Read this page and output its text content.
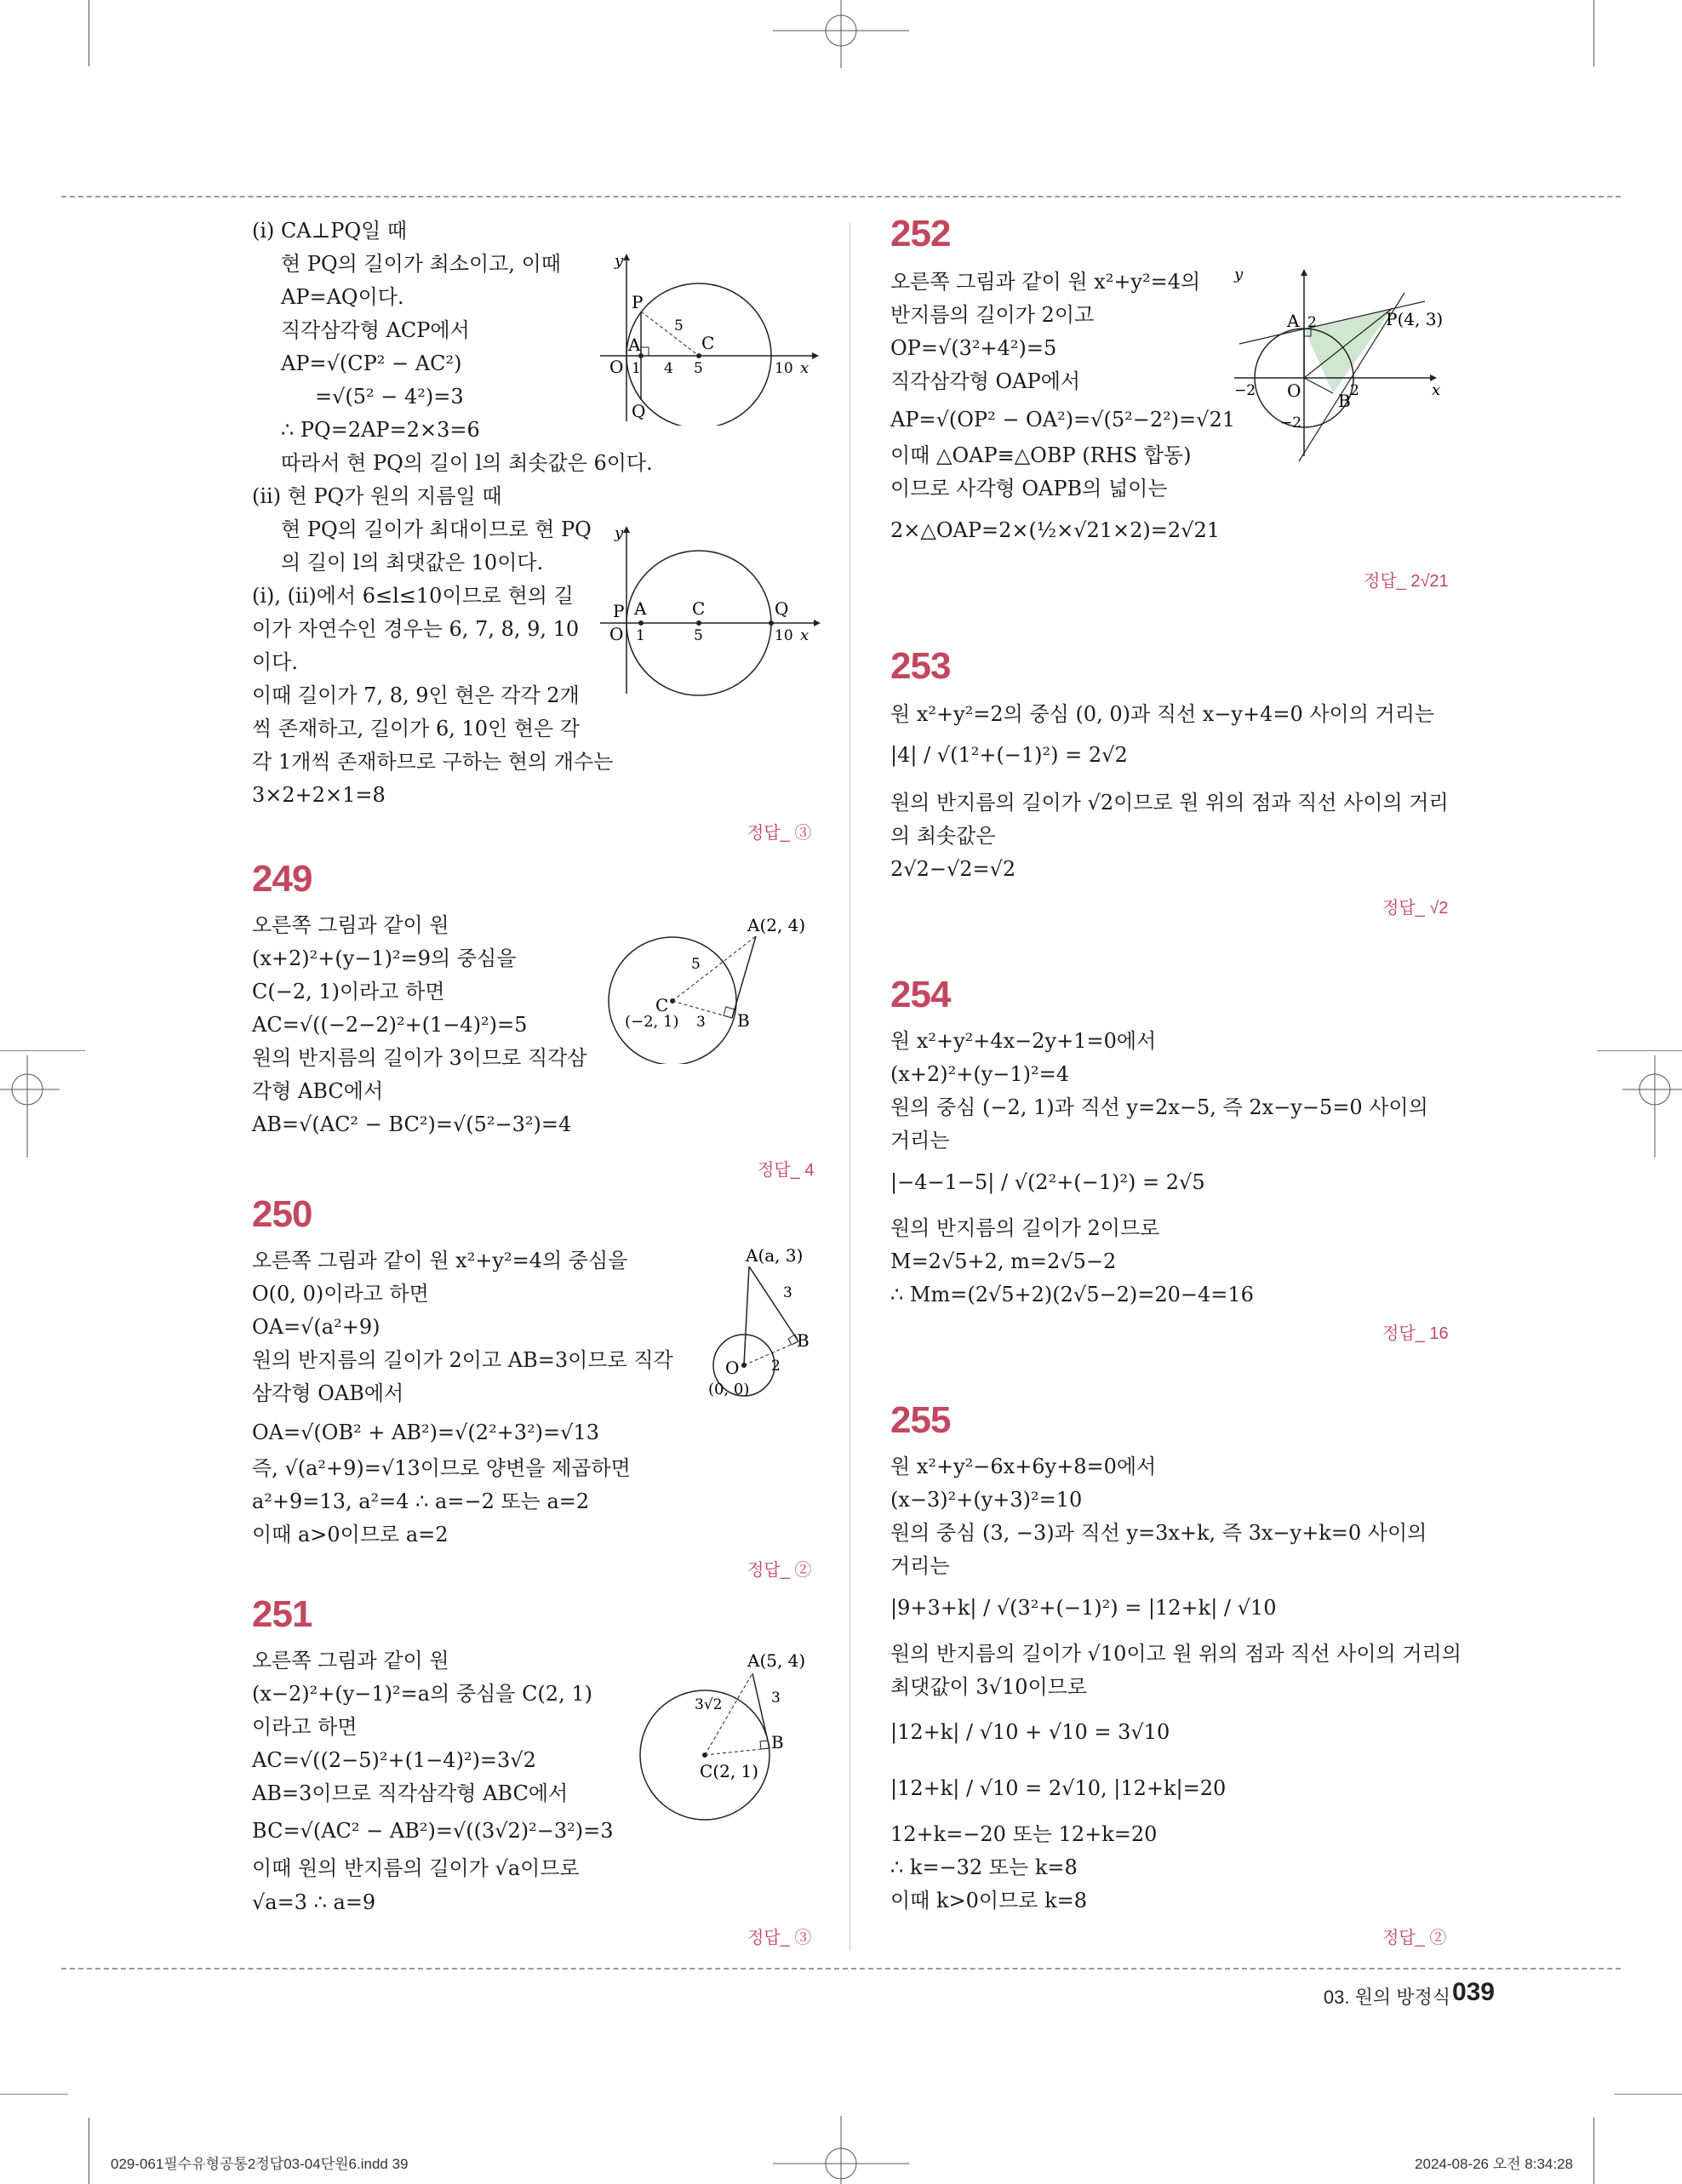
(ⅰ) CA⊥PQ일 때
현 PQ의 길이가 최소이고, 이때
AP=AQ이다.
직각삼각형 ACP에서
AP=√(CP² − AC²)
=√(5² − 4²)=3
∴ PQ=2AP=2×3=6
따라서 현 PQ의 길이 l의 최솟값은 6이다.
(ⅱ) 현 PQ가 원의 지름일 때
현 PQ의 길이가 최대이므로 현 PQ
의 길이 l의 최댓값은 10이다.
(ⅰ), (ⅱ)에서 6≤l≤10이므로 현의 길
이가 자연수인 경우는 6, 7, 8, 9, 10
이다.
이때 길이가 7, 8, 9인 현은 각각 2개
씩 존재하고, 길이가 6, 10인 현은 각
각 1개씩 존재하므로 구하는 현의 개수는
3×2+2×1=8
정답_ ③
y
x
P
A	C
O
Q
1 4 5	10
5
y
x
P A	C	Q
O 1	5	10
249
오른쪽 그림과 같이 원
(x+2)²+(y−1)²=9의 중심을
C(−2, 1)이라고 하면
AC=√((−2−2)²+(1−4)²)=5
원의 반지름의 길이가 3이므로 직각삼
각형 ABC에서
AB=√(AC² − BC²)=√(5²−3²)=4
정답_ 4
A(2, 4)
C
(−2, 1)	B
5
3
250
오른쪽 그림과 같이 원 x²+y²=4의 중심을
O(0, 0)이라고 하면
OA=√(a²+9)
원의 반지름의 길이가 2이고 AB=3이므로 직각
삼각형 OAB에서
OA=√(OB² + AB²)=√(2²+3²)=√13
즉, √(a²+9)=√13이므로 양변을 제곱하면
a²+9=13, a²=4 ∴ a=−2 또는 a=2
이때 a>0이므로 a=2
정답_ ②
A(a, 3)
O
(0, 0)
B
3
2
251
오른쪽 그림과 같이 원
(x−2)²+(y−1)²=a의 중심을 C(2, 1)
이라고 하면
AC=√((2−5)²+(1−4)²)=3√2
AB=3이므로 직각삼각형 ABC에서
BC=√(AC² − AB²)=√((3√2)²−3²)=3
이때 원의 반지름의 길이가 √a이므로
√a=3 ∴ a=9
정답_ ③
A(5, 4)
C(2, 1)
B
3√2	3
252
오른쪽 그림과 같이 원 x²+y²=4의
반지름의 길이가 2이고
OP=√(3²+4²)=5
직각삼각형 OAP에서
AP=√(OP² − OA²)=√(5²−2²)=√21
이때 △OAP≡△OBP (RHS 합동)
이므로 사각형 OAPB의 넓이는
2×△OAP=2×(½×√21×2)=2√21
정답_ 2√21
y
x
A	P(4, 3)
O B
2
−2	2
−2
253
원 x²+y²=2의 중심 (0, 0)과 직선 x−y+4=0 사이의 거리는
|4| / √(1²+(−1)²) = 2√2
원의 반지름의 길이가 √2이므로 원 위의 점과 직선 사이의 거리
의 최솟값은
2√2−√2=√2
정답_ √2
254
원 x²+y²+4x−2y+1=0에서
(x+2)²+(y−1)²=4
원의 중심 (−2, 1)과 직선 y=2x−5, 즉 2x−y−5=0 사이의
거리는
|−4−1−5| / √(2²+(−1)²) = 2√5
원의 반지름의 길이가 2이므로
M=2√5+2, m=2√5−2
∴ Mm=(2√5+2)(2√5−2)=20−4=16
정답_ 16
255
원 x²+y²−6x+6y+8=0에서
(x−3)²+(y+3)²=10
원의 중심 (3, −3)과 직선 y=3x+k, 즉 3x−y+k=0 사이의
거리는
|9+3+k| / √(3²+(−1)²) = |12+k| / √10
원의 반지름의 길이가 √10이고 원 위의 점과 직선 사이의 거리의
최댓값이 3√10이므로
|12+k| / √10 + √10 = 3√10
|12+k| / √10 = 2√10, |12+k|=20
12+k=−20 또는 12+k=20
∴ k=−32 또는 k=8
이때 k>0이므로 k=8
정답_ ②
03. 원의 방정식 039
029-061필수유형공통2정답03-04단원6.indd 39	2024-08-26 오전 8:34:28
